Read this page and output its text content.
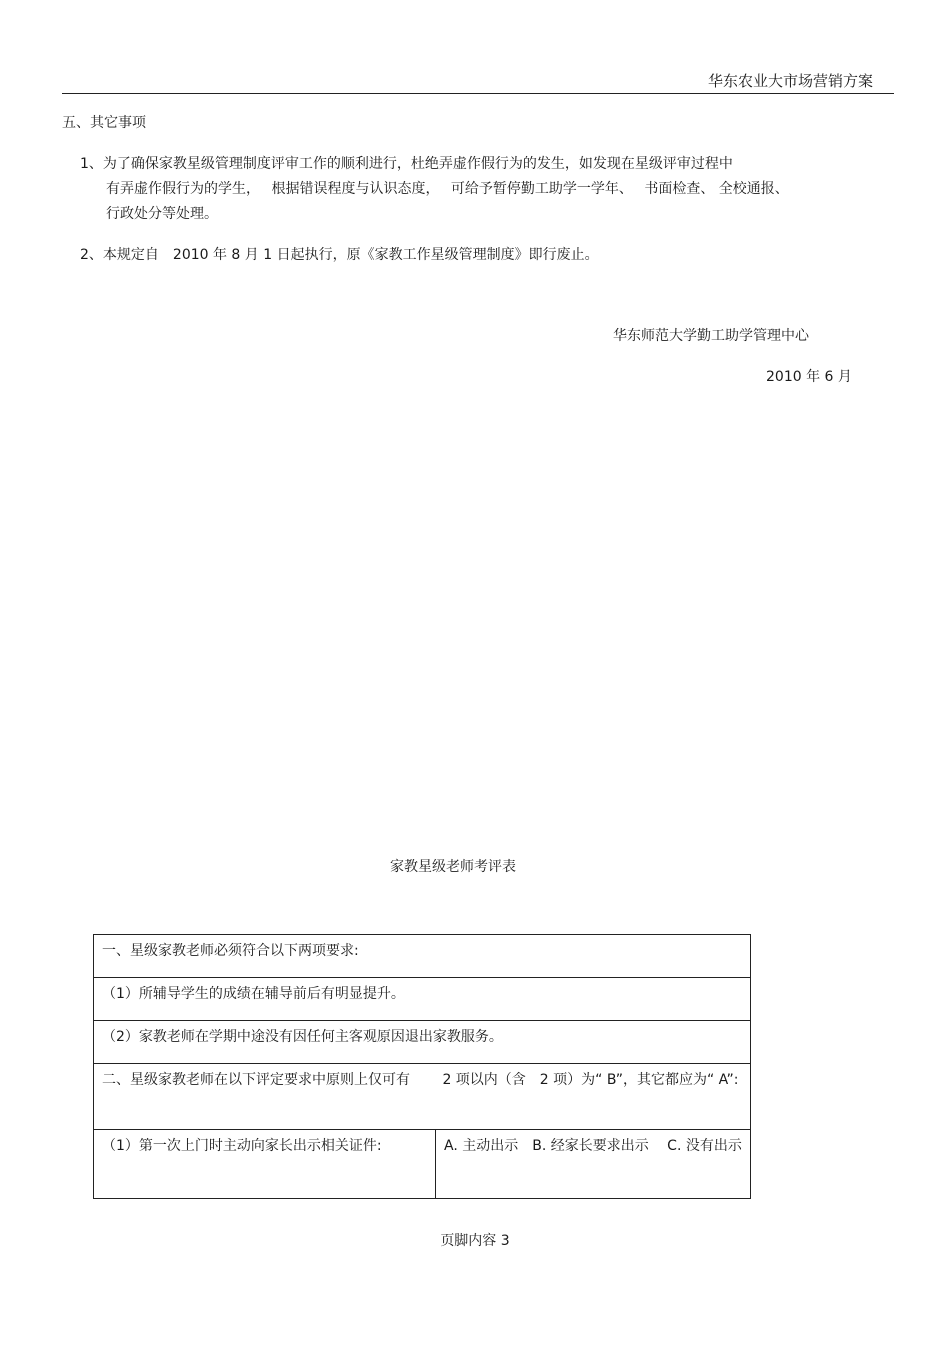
华东农业大市场营销方案
五、其它事项
1、为了确保家教星级管理制度评审工作的顺利进行，杜绝弄虚作假行为的发生，如发现在星级评审过程中
有弄虚作假行为的学生，　 根据错误程度与认识态度，　 可给予暂停勤工助学一学年、　 书面检查、 全校通报、
行政处分等处理。
2、本规定自　2010 年 8 月 1 日起执行，原《家教工作星级管理制度》即行废止。
华东师范大学勤工助学管理中心
2010 年 6 月
家教星级老师考评表
一、星级家教老师必须符合以下两项要求:
（1）所辅导学生的成绩在辅导前后有明显提升。
（2）家教老师在学期中途没有因任何主客观原因退出家教服务。
二、星级家教老师在以下评定要求中原则上仅可有　　 2 项以内（含　2 项）为“ B”，其它都应为“ A”:
（1）第一次上门时主动向家长出示相关证件:	A. 主动出示　B. 经家长要求出示　 C. 没有出示
页脚内容 3
